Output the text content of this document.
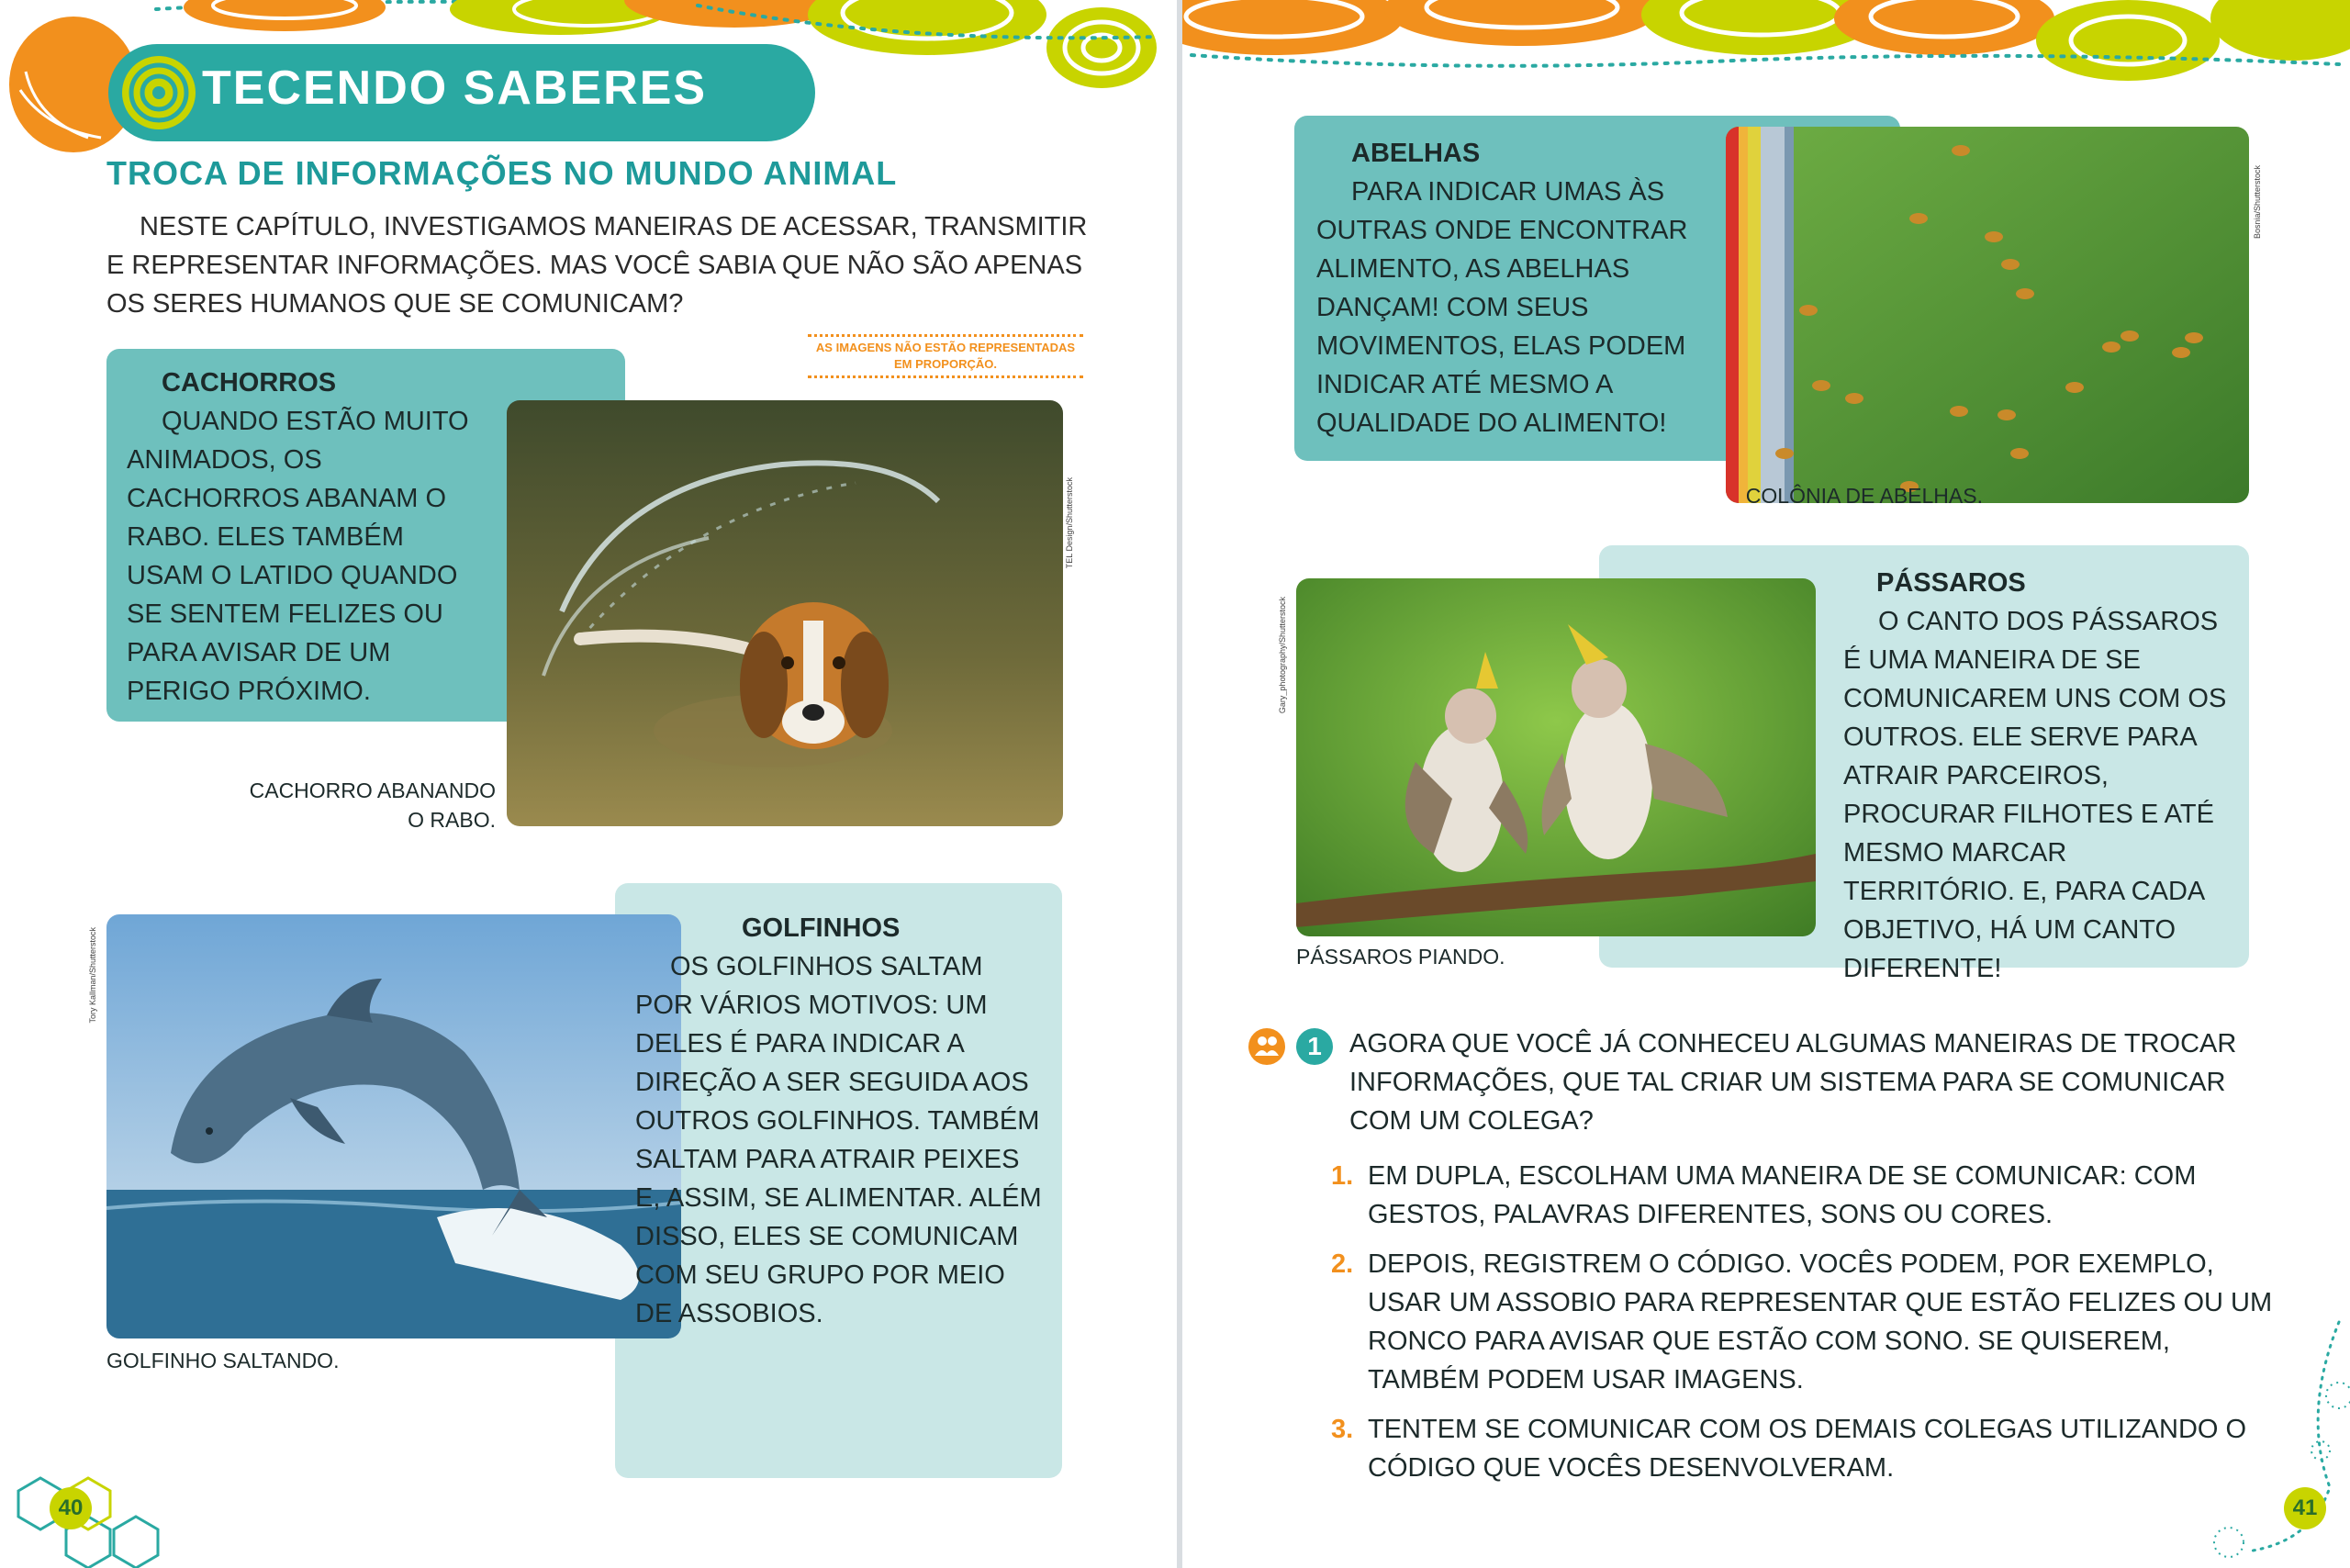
TECENDO SABERES
TROCA DE INFORMAÇÕES NO MUNDO ANIMAL

NESTE CAPÍTULO, INVESTIGAMOS MANEIRAS DE ACESSAR, TRANSMITIR E REPRESENTAR INFORMAÇÕES. MAS VOCÊ SABIA QUE NÃO SÃO APENAS OS SERES HUMANOS QUE SE COMUNICAM?

AS IMAGENS NÃO ESTÃO REPRESENTADAS EM PROPORÇÃO.

CACHORROS
QUANDO ESTÃO MUITO ANIMADOS, OS CACHORROS ABANAM O RABO. ELES TAMBÉM USAM O LATIDO QUANDO SE SENTEM FELIZES OU PARA AVISAR DE UM PERIGO PRÓXIMO.

TEL Design/Shutterstock
CACHORRO ABANANDO O RABO.
Tory Kallman/Shutterstock
GOLFINHO SALTANDO.

GOLFINHOS
OS GOLFINHOS SALTAM POR VÁRIOS MOTIVOS: UM DELES É PARA INDICAR A DIREÇÃO A SER SEGUIDA AOS OUTROS GOLFINHOS. TAMBÉM SALTAM PARA ATRAIR PEIXES E, ASSIM, SE ALIMENTAR. ALÉM DISSO, ELES SE COMUNICAM COM SEU GRUPO POR MEIO DE ASSOBIOS.

40

ABELHAS
PARA INDICAR UMAS ÀS OUTRAS ONDE ENCONTRAR ALIMENTO, AS ABELHAS DANÇAM! COM SEUS MOVIMENTOS, ELAS PODEM INDICAR ATÉ MESMO A QUALIDADE DO ALIMENTO!

Bosnia/Shutterstock
COLÔNIA DE ABELHAS.
Gary_photography/Shutterstock
PÁSSAROS PIANDO.

PÁSSAROS
O CANTO DOS PÁSSAROS É UMA MANEIRA DE SE COMUNICAREM UNS COM OS OUTROS. ELE SERVE PARA ATRAIR PARCEIROS, PROCURAR FILHOTES E ATÉ MESMO MARCAR TERRITÓRIO. E, PARA CADA OBJETIVO, HÁ UM CANTO DIFERENTE!

41
1	AGORA QUE VOCÊ JÁ CONHECEU ALGUMAS MANEIRAS DE TROCAR INFORMAÇÕES, QUE TAL CRIAR UM SISTEMA PARA SE COMUNICAR COM UM COLEGA?

1. EM DUPLA, ESCOLHAM UMA MANEIRA DE SE COMUNICAR: COM GESTOS, PALAVRAS DIFERENTES, SONS OU CORES.
2. DEPOIS, REGISTREM O CÓDIGO. VOCÊS PODEM, POR EXEMPLO, USAR UM ASSOBIO PARA REPRESENTAR QUE ESTÃO FELIZES OU UM RONCO PARA AVISAR QUE ESTÃO COM SONO. SE QUISEREM, TAMBÉM PODEM USAR IMAGENS.
3. TENTEM SE COMUNICAR COM OS DEMAIS COLEGAS UTILIZANDO O CÓDIGO QUE VOCÊS DESENVOLVERAM.
